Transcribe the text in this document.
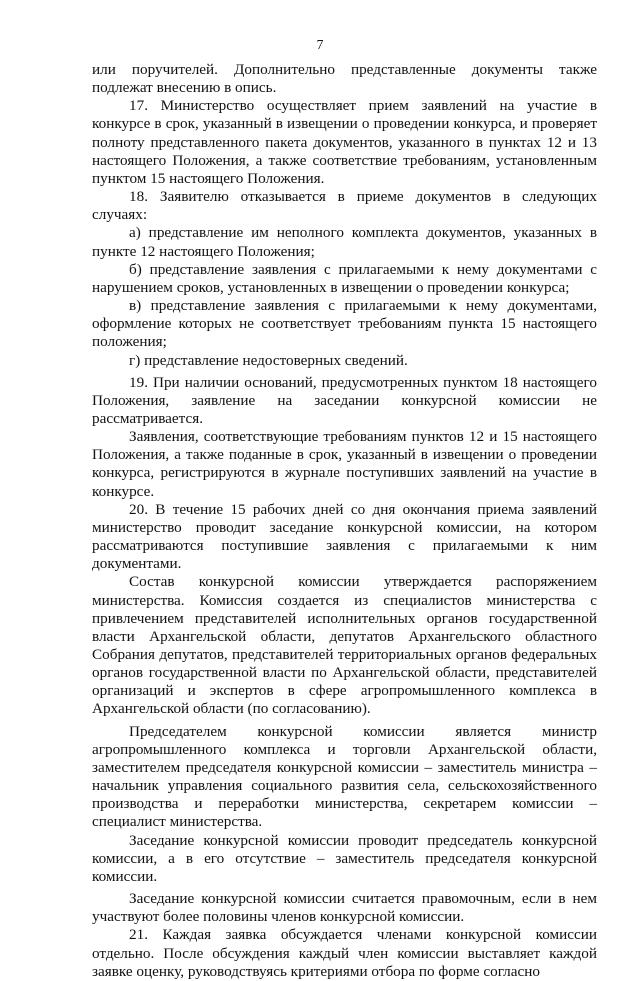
7

или поручителей. Дополнительно представленные документы также подлежат внесению в опись.

17. Министерство осуществляет прием заявлений на участие в конкурсе в срок, указанный в извещении о проведении конкурса, и проверяет полноту представленного пакета документов, указанного в пунктах 12 и 13 настоящего Положения, а также соответствие требованиям, установленным пунктом 15 настоящего Положения.

18. Заявителю отказывается в приеме документов в следующих случаях:

а) представление им неполного комплекта документов, указанных в пункте 12 настоящего Положения;

б) представление заявления с прилагаемыми к нему документами с нарушением сроков, установленных в извещении о проведении конкурса;

в) представление заявления с прилагаемыми к нему документами, оформление которых не соответствует требованиям пункта 15 настоящего положения;

г) представление недостоверных сведений.

19. При наличии оснований, предусмотренных пунктом 18 настоящего Положения, заявление на заседании конкурсной комиссии не рассматривается.

Заявления, соответствующие требованиям пунктов 12 и 15 настоящего Положения, а также поданные в срок, указанный в извещении о проведении конкурса, регистрируются в журнале поступивших заявлений на участие в конкурсе.

20. В течение 15 рабочих дней со дня окончания приема заявлений министерство проводит заседание конкурсной комиссии, на котором рассматриваются поступившие заявления с прилагаемыми к ним документами.

Состав конкурсной комиссии утверждается распоряжением министерства. Комиссия создается из специалистов министерства с привлечением представителей исполнительных органов государственной власти Архангельской области, депутатов Архангельского областного Собрания депутатов, представителей территориальных органов федеральных органов государственной власти по Архангельской области, представителей организаций и экспертов в сфере агропромышленного комплекса в Архангельской области (по согласованию).

Председателем конкурсной комиссии является министр агропромышленного комплекса и торговли Архангельской области, заместителем председателя конкурсной комиссии – заместитель министра – начальник управления социального развития села, сельскохозяйственного производства и переработки министерства, секретарем комиссии – специалист министерства.

Заседание конкурсной комиссии проводит председатель конкурсной комиссии, а в его отсутствие – заместитель председателя конкурсной комиссии.

Заседание конкурсной комиссии считается правомочным, если в нем участвуют более половины членов конкурсной комиссии.

21. Каждая заявка обсуждается членами конкурсной комиссии отдельно. После обсуждения каждый член комиссии выставляет каждой заявке оценку, руководствуясь критериями отбора по форме согласно
